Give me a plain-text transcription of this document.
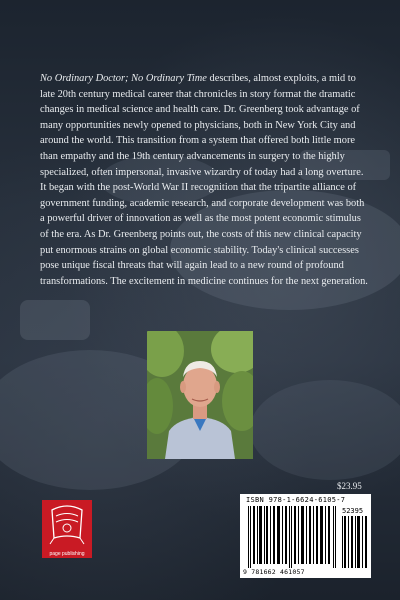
No Ordinary Doctor; No Ordinary Time describes, almost exploits, a mid to late 20th century medical career that chronicles in story format the dramatic changes in medical science and health care. Dr. Greenberg took advantage of many opportunities newly opened to physicians, both in New York City and around the world. This transition from a system that offered both little more than empathy and the 19th century advancements in surgery to the highly specialized, often impersonal, invasive wizardry of today had a long overture. It began with the post-World War II recognition that the tripartite alliance of government funding, academic research, and corporate development was both a powerful driver of innovation as well as the most potent economic stimulus of the era. As Dr. Greenberg points out, the costs of this new clinical capacity put enormous strains on global economic stability. Today's clinical successes pose unique fiscal threats that will again lead to a new round of profound transformations. The excitement in medicine continues for the next generation.
$23.95
ISBN 978-1-6624-6105-7
52395
9 781662 461057
page publishing
